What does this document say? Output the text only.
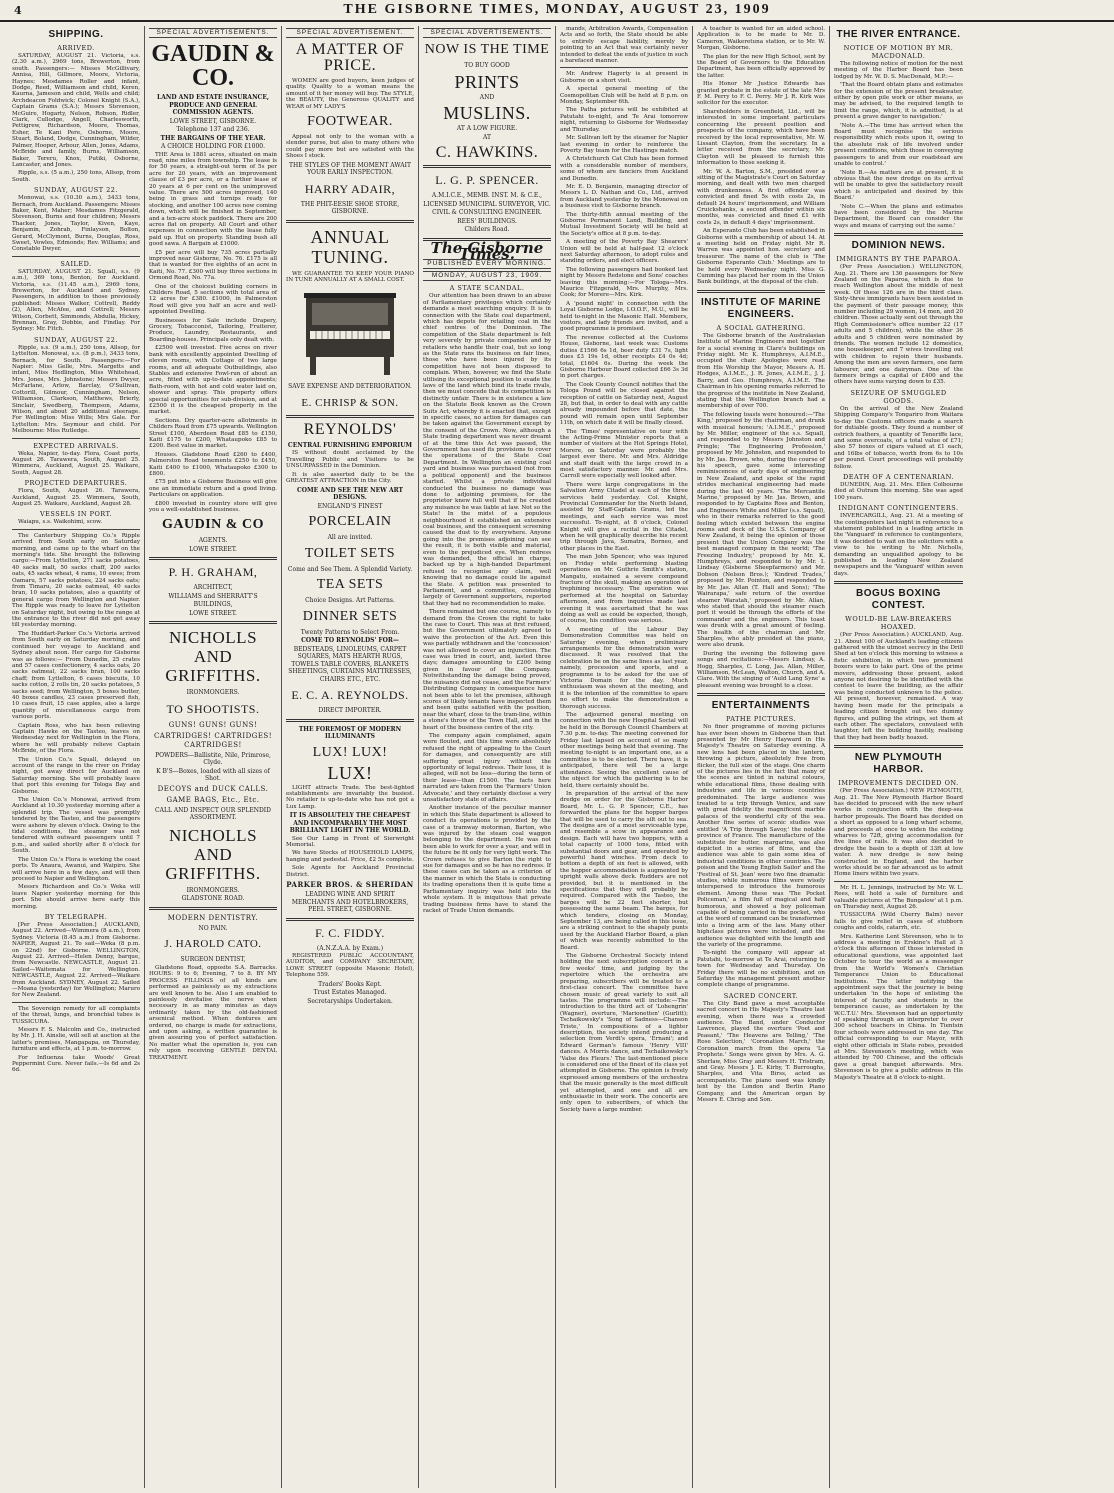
4	THE GISBORNE TIMES, MONDAY, AUGUST 23, 1909
SHIPPING.
ARRIVED.

SATURDAY, AUGUST 21. Victoria, s.s. (2.30 a.m.), 2969 tons, Brewerton, from south. Passengers:— Misses McGillivary, Annisa, Hill, Gillmore, Moore, Victoria, Haynes; Mesdames Roller and infant, Dodge, Reed, Williamson and child, Keren, Kaurna, Jameson and child, Wells and child; Archdeacon Foldwick; Colonel Knight (S.A.), Captain Grams (S.A.); Messrs Stevenson, McGuire, Hogarty, Nelson, Robson, Ridler, Clark, Cullodge, Angell, Charlesworth, Pettigrew, Richardson, Moore, Thomas, Esher, Te Kani Pere, Osborne, Moore, Stuart, Boland, Dodge, Cunningham, Wilder, Palmer, Hooper, Arbour, Allen, Jones, Adams, McBride and family, Burns, Williamson, Baker, Tereru, Knox, Putiki, Osborne, Lancaster, and Jones.

Ripple, s.s. (5 a.m.), 250 tons, Allsop, from South.

SUNDAY, AUGUST 22.

Monowai, s.s. (10.30 a.m.), 3433 tons, Bernach, from Auckland. Passengers: Misses Baker, Kent, Maher; Mesdames Fitzgerald, Stevenson, Burns and four children; Messrs Thacker, Jones, Taylor, Kiven, Kaye, Benjamin, Zohrab, Finlayson, Bolton, Gerard, McClymont, Burns, Douglas, Ross, Sweet, Vowles, Edmonds; Rev. Williams; and Constable Dwyer.

SAILED.

SATURDAY, AUGUST 21. Squall, s.s. (9 a.m.), 369 tons, Benton, for Auckland. Victoria, s.s. (11.45 a.m.), 2969 tons, Brewerton, for Auckland and Sydney. Passengers, in addition to those previously published: Misses Walker, Cottrell, Reddy (2), Allen, McAfee, and Cottrell; Messrs Wilson, Corbett, Simmonds, Abdulla, Hickey, Brennan, Gray, Dobbie, and Findlay. For Sydney: Mr. Fitch.

SUNDAY, AUGUST 22.

Ripple, s.s. (9 a.m.), 250 tons, Allsop, for Lyttelton. Monowai, s.s. (8 p.m.), 3433 tons, Bernach, for South. Passengers:—For Napier: Miss Gelle, Mrs. Margetts and infant, Miss Hedlington, Miss Whitehead, Mrs. Jones, Mrs. Johnstone; Messrs Dwyer, McFarlane, Arlow, Barclay, O'Sullivan, Cottorill, Gilmour, Cunningham, Nelson, Williamson, Clarkson, Matthews, Brierly, Sinclair, Swedberg, Thompson, Adams, Wilson, and about 20 additional steerage. For Wellington: Miss Wills; Mrs Gale. For Lyttelton: Mrs. Seymour and child. For Melbourne: Miss Rutledge.

EXPECTED ARRIVALS.

Weka, Napier, to-day. Flora, Coast ports, August 26. Tarawera, South, August 25. Wimmera, Auckland, August 25. Waikare, South, August 28.

PROJECTED DEPARTURES.

Flora, South, August 26. Tarawera, Auckland, August 25. Wimmera, South, August 25. Waikare, Auckland, August 28.

VESSELS IN PORT.

Waiapu, s.s. Waikohimi, scow.

The Canterbury Shipping Co.'s Ripple arrived from South early on Saturday morning, and came up to the wharf on the morning's tide. She brought the following cargo:—From Lyttelton, 271 sacks potatoes, 40 sacks malt, 50 sacks chaff, 200 sacks oats, 45 sacks wheat, 4 rams, 10 ewes; from Oamaru, 57 sacks potatoes, 224 sacks oats; from Timaru, 20 sacks oatmeal, 40 sacks bran, 10 sacks potatoes, also a quantity of general cargo from Wellington and Napier. The Ripple was ready to leave for Lyttelton on Saturday night, but owing to the range at the entrance to the river did not get away till yesterday morning.

The Huddart-Parker Co.'s Victoria arrived from South early on Saturday morning, and continued her voyage to Auckland and Sydney about noon. Her cargo for Gisborne was as follows:— From Dunedin, 25 crates and 57 cases confectionery, 4 sacks oats, 20 sacks oatmeal, 22 sacks bran, 100 sacks chaff; from Lyttelton, 6 cases biscuits, 10 sacks cotton, 2 rolls tin, 20 sacks potatoes, 5 sacks seed; from Wellington, 5 boxes butter, 40 boxes candles, 23 cases preserved fish, 10 cases fruit, 15 case apples, also a large quantity of miscellaneous cargo from various ports.

Captain Ross, who has been relieving Captain Hawke on the Tasteo, leaves on Wednesday next for Wellington in the Flora, where he will probably relieve Captain McBride, of the Flora.

The Union Co.'s Squall, delayed on account of the range in the river on Friday night, got away direct for Auckland on Saturday morning. She will probably leave that port this evening for Tologa Bay and Gisborne.

The Union Co.'s Monowai, arrived from Auckland at 10.30 yesterday morning after a splendid trip. The vessel was promptly tendered by the Tasteo, and the passengers were ashore by eleven o'clock. Owing to the tidal conditions, the steamer was not tendered with outward passengers until 7 p.m., and sailed shortly after 8 o'clock for South.

The Union Co.'s Flora is working the coast ports. To Anaura, Awanui, and Waipiro. She will arrive here in a few days, and will then proceed to Napier and Wellington.

Messrs Richardson and Co.'s Weka will leave Napier yesterday morning for this port. She should arrive here early this morning.

BY TELEGRAPH.

[Per Press Association.] AUCKLAND, August 22. Arrived—Wimmera (8 a.m.), from Sydney. Victoria (8.45 a.m.) from Gisborne. NAPIER, August 21. To sail—Weka (8 p.m. on 22nd) for Gisborne. WELLINGTON, August 22. Arrived—Helen Denny, barque, from Newcastle. NEWCASTLE, August 21. Sailed—Waitemata for Wellington. NEWCASTLE, August 22. Arrived—Waikare from Auckland. SYDNEY, August 22. Sailed—Moana (yesterday) for Wellington; Maruro for New Zealand.

The Sovereign remedy for all complaints of the throat, lungs, and bronchial tubes is TUSSICURA.

Messrs F. S. Malcolm and Co., instructed by Mr. J. H. Ainslie, will sell at auction at the latter's premises, Mangapapa, on Thursday, furniture and effects, at 1 p.m. to-morrow.

For Influenza take Woods' Great Peppermint Cure. Never fails.—Is 6d and 2s 6d.

SPECIAL ADVERTISEMENTS.
GAUDIN & CO.
LAND AND ESTATE INSURANCE, PRODUCE AND GENERAL COMMISSION AGENTS.
LOWE STREET, GISBORNE.
Telephone 137 and 236.
THE BARGAINS OF THE YEAR.
A CHOICE HOLDING FOR £1000.

THE Area is 1881 acres, situated on main road, nine miles from township. The lease is for 50 years, a straight-out term of 5s per acre for 20 years, with an improvement clause of £3 per acre, or a further lease of 20 years at 6 per cent on the unimproved value. There are 500 acres improved, 140 being in grass and turnips ready for stocking, and another 100 acres now coming down, which will be finished in September, and a ten-acre stock paddock. There are 200 acres flat on property. All Court and other expenses in connection with the lease fully paid up. Hut on property. Standing bush all good sawa. A Bargain at £1000.

£5 per acre will buy 735 acres partially improved near Gisborne, No. 76. £175 is all that is wanted for five eighths of an acre in Kaiti, No. 77. £300 will buy three sections in Ormond Road, No. 77a.

One of the choicest building corners in Childers Road, 5 sections with total area of 12 acres for £380. £1000, in Palmerston Road will give you half an acre and well-appointed Dwelling.

Businesses for Sale include Drapery, Grocery, Tobacconist, Tailoring, Fruiterer, Produce, Laundry, Restaurants, and Boarding-houses. Principals only dealt with.

£2500 well invested. Five acres on river bank with excellently appointed Dwelling of eleven rooms, with Cottage of two large rooms, and all adequate Outbuildings, also Stables and extensive Fowl-run of about an acre, fitted with up-to-date appointments; Bath-room, with hot and cold water laid on, shower and spray. This property offers special opportunities for sub-division, and at £2500 it is the cheapest property in the market.

Sections. Dry quarter-acre allotments in Childers Road from £75 upwards. Wellington Street £100, Aberdeen Road £85 to £150, Kaiti £175 to £200, Whataupoko £85 to £200. Best value in market.

Houses. Gladstone Road £260 to £400, Palmerston Road tenements £250 to £450, Kaiti £400 to £1000, Whataupoko £300 to £800.

£75 put into a Gisborne Business will give one an immediate return and a good living. Particulars on application.

£800 invested in country store will give you a well-established business.

GAUDIN & CO
AGENTS.
LOWE STREET.
P. H. GRAHAM,
ARCHITECT,
WILLIAMS and SHERRATT'S
BUILDINGS,
LOWE STREET.
NICHOLLS AND GRIFFITHS.
IRONMONGERS.
TO SHOOTISTS.
GUNS! GUNS! GUNS!
CARTRIDGES! CARTRIDGES! CARTRIDGES!
POWDERS—Ballistite, Nile, Primrose, Clyde.
K B'S—Boxes, loaded with all sizes of Shot.
DECOYS and DUCK CALLS.
GAME BAGS, Etc., Etc.
CALL AND INSPECT OUR SPLENDID ASSORTMENT.
NICHOLLS AND GRIFFITHS.
IRONMONGERS.
GLADSTONE ROAD.
MODERN DENTISTRY.
NO PAIN.
J. HAROLD CATO.
SURGEON DENTIST,

Gladstone Road, opposite S.A. Barracks. HOURS: 9 to 6; Evening, 7 to 8. BY MY PROCESS FILLINGS of all kinds are performed as painlessly as my extractions are well known to be. Also I am enabled to painlessly devitalise the nerve when necessary in as many minutes as days ordinarily taken by the old-fashioned arsenical method. When dentures are ordered, no charge is made for extractions, and upon asking, a written guarantee is given assuring you of perfect satisfaction. No matter what the operation is, you can rely upon receiving GENTLE DENTAL TREATMENT.

SPECIAL ADVERTISEMENT.
A MATTER OF PRICE.

WOMEN are good buyers, keen judges of quality. Quality to a woman means the amount of it her money will buy. The STYLE, the BEAUTY, the Generous QUALITY and WEAR of MY LADY'S

FOOTWEAR.

Appeal not only to the woman with a slender purse, but also to many others who could pay more but are satisfied with the Shoes I stock.

THE STYLES OF THE MOMENT AWAIT YOUR EARLY INSPECTION.
HARRY ADAIR,
THE PHIT-EESIE SHOE STORE, GISBORNE.
ANNUAL TUNING.

WE GUARANTEE TO KEEP YOUR PIANO IN TUNE ANNUALLY AT A SMALL COST.

SAVE EXPENSE AND DETERIORATION.
E. CHRISP & SON.
REYNOLDS'
CENTRAL FURNISHING EMPORIUM

IS without doubt acclaimed by the Travelling Public and Visitors to be UNSURPASSED in the Dominion.

It is also asserted daily to be the GREATEST ATTRACTION in the City.

COME AND SEE THE NEW ART DESIGNS.
ENGLAND'S FINEST
PORCELAIN
All are invited.
TOILET SETS
Come and See Them. A Splendid Variety.
TEA SETS
Choice Designs. Art Patterns.
DINNER SETS
Twenty Patterns to Select From.
COME TO REYNOLDS' FOR—
BEDSTEADS, LINOLEUMS, CARPET SQUARES, MATS HEARTH RUGS, TOWELS TABLE COVERS, BLANKETS SHEETINGS, CURTAINS MATTRESSES, CHAIRS ETC., ETC.
E. C. A. REYNOLDS.
DIRECT IMPORTER.
THE FOREMOST OF MODERN ILLUMINANTS
LUX! LUX!
LUX!

LIGHT attracts Trade. The best-lighted establishments are invariably the busiest. No retailer is up-to-date who has not got a Lux Lamp.

IT IS ABSOLUTELY THE CHEAPEST AND INCOMPARABLY THE MOST BRILLIANT LIGHT IN THE WORLD.

See Our Lamp in Front of Sierwright Memorial.

We have Stocks of HOUSEHOLD LAMPS, hanging and pedestal. Price, £2 5s complete.

Sole Agents for Auckland Provincial District.

PARKER BROS. & SHERIDAN
LEADING WINE AND SPIRIT MERCHANTS AND HOTELBROKERS, PEEL STREET, GISBORNE.
F. C. FIDDY.
(A.N.Z.A.A. by Exam.)

REGISTERED PUBLIC ACCOUNTANT, AUDITOR, and COMPANY SECRETARY, LOWE STREET (opposite Masonic Hotel), Telephone 559.

Traders' Books Kept.
Trust Estates Managed.
Secretaryships Undertaken.
SPECIAL ADVERTISEMENTS.
NOW IS THE TIME
TO BUY GOOD
PRINTS
AND
MUSLINS.
AT A LOW FIGURE.
AT
C. HAWKINS.
L. G. P. SPENCER.
A.M.I.C.E., MEMB. INST. M. & C.E.,
LICENSED MUNICIPAL SURVEYOR, VIC.
CIVIL & CONSULTING ENGINEER.
REES' BUILDINGS.
Childers Road.
The Gisborne Times.
PUBLISHED EVERY MORNING.
MONDAY, AUGUST 23, 1909.
A STATE SCANDAL.

Our attention has been drawn to an abuse of Parliamentary privileges which certainly demands a most searching enquiry. It is in connection with the State coal department, which has depots for retailing coal in the chief centres of the Dominion. The competition of the State department is felt very severely by private companies and by retailers who handle their coal, but so long as the State runs its business on fair lines, those who have been injured by its competition have not been disposed to complain. When, however, we find the State utilising its exceptional position to evade the laws of the land which bind its trade rivals, then we must concede that its competition is distinctly unfair. There is in existence a law on the Statute Book known as the Crown Suits Act, whereby it is enacted that, except in specific cases, no action for damages can be taken against the Government except by the consent of the Crown. Now, although a State trading department was never dreamt of at the time this Act was passed, the Government has used its provisions to cover the operations of the State Coal Department. In Wellington an existing coal yard and business was purchased (not from a political opponent) and the business started. Whilst a private individual conducted the business no damage was done to adjoining premises, for the proprietor knew full well that if he created any nuisance he was liable at law. Not so the State! In the midst of a populous neighbourhood it established an extensive coal business, and the consequent screening caused the dust to fly everywhere. Anyone going into the premises adjoining can see the result, it is both visible and material, even to the prejudiced eye. When redress was demanded, the official in charge, backed up by a high-handed Department refused to recognise any claim, well knowing that no damage could lie against the State. A petition was presented to Parliament, and a committee, consisting largely of Government supporters, reported that they had no recommendation to make.

There remained but one course, namely to demand from the Crown the right to take the case to Court. This was at first refused, but the Government ultimately agreed to waive the protection of the Act. Even this was partially withdrawn and the 'concession' was not allowed to cover an injunction. The case was tried in court, and, lasted three days; damages amounting to £200 being given in favour of the Company. Notwithstanding the damage being proved, the nuisance did not cease, and the Farmers' Distributing Company in consequence have not been able to let the premises, although scores of likely tenants have inspected them and been quite satisfied with the position, near the wharf, close to the tram-line, within a stone's throw of the Town Hall, and in the heart of the business centre of the city.

The company again complained, again were flouted, and this time were absolutely refused the right of appealing to the Court for damages, and consequently are still suffering great injury without the opportunity of legal redress. Their loss, it is alleged, will not be less—during the term of their lease—than £1500. The facts here narrated are taken from the 'Farmers' Union Advocate,' and they certainly disclose a very unsatisfactory state of affairs.

Another instance of the peculiar manner in which this State department is allowed to conduct its operations is provided by the case of a tramway motorman, Barton, who was injured by the steam coal waggon belonging to the department. He was not been able to work for over a year, and will in the future be fit only for very light work. The Crown refuses to give Barton the right to sue for damages and so he has no redress. If these cases can be taken as a criterion of the manner in which the State is conducting its trading operations then it is quite time a Parliamentary inquiry was held into the whole system. It is iniquitous that private trading business firms have to stand the racket of Trade Union demands.

mands, Arbitration Awards, Compensation Acts and so forth, the State should be able to entirely escape liability, merely by pointing to an Act that was certainly never intended to defeat the ends of justice in such a barefaced manner.

Mr. Andrew Hagerty is at present in Gisborne on a short visit.

A special general meeting of the Cosmopolitan Club will be held at 8 p.m. on Monday, September 6th.

The Patha pictures will be exhibited at Patutahi to-night, and Te Arai tomorrow night, returning to Gisborne for Wednesday and Thursday.

Mr. Sullivan left by the steamer for Napier last evening in order to reinforce the Poverty Bay team for the Hastings match.

A Christchurch Cat Club has been formed with a considerable number of members, some of whom are fanciers from Auckland and Dunedin.

Mr. E. D. Benjamin, managing director of Messrs L. D. Nathan and Co., Ltd., arrived from Auckland yesterday by the Monowai on a business visit to Gisborne branch.

The thirty-fifth annual meeting of the Gisborne Permanent Land, Building, and Mutual Investment Society will be held at the Society's office at 8 p.m. to-day.

A meeting of the Poverty Bay Shearers' Union will be held at half-past 12 o'clock next Saturday afternoon, to adopt rules and standing orders, and elect officers.

The following passengers had booked last night by Messrs Redstone and Sons' coaches leaving this morning:—For Tologa—Mrs. Maurice Fitzgerald, Mrs. Murphy, Mrs. Cook; for Morere—Mrs. Kirk.

A 'pound night' in connection with the Loyal Gisborne Lodge, I.O.O.F., M.U., will be held to-night in the Masonic Hall. Members, visitors, and lady friends are invited, and a good programme is promised.

The revenue collected at the Customs House, Gisborne, last week was: Customs duties £1566 6s 1d, beer duty £31 7s, light dues £3 19s 1d, other receipts £4 0s 4d; total, £1604 6s. During the week the Gisborne Harbour Board collected £66 3s 3d in port charges.

The Cook County Council notifies that the Tologa Pound will be closed against the reception of cattle on Saturday next, August 28, but that, in order to deal with any cattle already impounded before that date, the pound will remain open until September 11th, on which date it will be finally closed.

The 'Times' representative on tour with the Acting-Prime Minister reports that a number of visitors at the Hot Springs Hotel, Morere, on Saturday were probably the largest ever there. Mr. and Mrs. Aldridge and staff dealt with the large crowd in a most satisfactory manner. Mr. and Mrs. Carroll were especially well looked after.

There were large congregations in the Salvation Army Citadel at each of the three services held yesterday. Col. Knight, Provincial Commander for the North Island, assisted by Staff-Captain Grams, led the meetings, and each service was most successful. To-night, at 8 o'clock, Colonel Knight will give a recital in the Citadel, when he will graphically describe his recent trip through Java, Sumatra, Borneo, and other places in the East.

The man John Spencer, who was injured on Friday while performing blasting operations on Mr. Guthrie Smith's station, Mangatu, sustained a severe compound fracture of the skull, making an operation of trephining necessary. The operation was performed at the hospital on Saturday afternoon, and from inquiries made last evening it was ascertained that he was doing as well as could be expected, though, of course, his condition was serious.

A meeting of the Labour Day Demonstration Committee was held on Saturday evening, when preliminary arrangements for the demonstration were discussed. It was resolved that the celebration be on the same lines as last year, namely, procession and sports, and a programme is to be asked for the use of Victoria Domain for the day. Much enthusiasm was shown at the meeting, and it is the intention of the committee to spare no effort to make the demonstration a thorough success.

The adjourned general meeting on connection with the new Hospital Social will be held in the Borough Council Chambers at 7.30 p.m. to-day. The meeting convened for Friday last lapsed on account of so many other meetings being held that evening. The meeting to-night is an important one, as a committee is to be elected. There have, it is anticipated, there will be a large attendance. Seeing the excellent cause of the object for which the gathering is to be held, there certainly should be.

In preparation of the arrival of the new dredge on order for the Gisborne Harbor Board, Mr. L. G. P. Spencer, C.E., has forwarded the plans for the hopper barges that will be used to carry the silt out to sea. The designs are of a most serviceable type, and resemble a scow in appearance and design. Each will have two hoppers, with a total capacity of 1000 tons, fitted with substantial doors and gear, and operated by powerful hand winches. From deck to bottom a depth of six feet is allowed, with the hopper accommodation is augmented by upright walls above deck. Rudders are not provided, but it is mentioned in the specifications that they will probably be required. Compared with the Tasteo, the barges will be 22 feet shorter, but possessing the same beam. The barges, for which tenders, closing on Monday, September 13, are being called in this issue, are a striking contrast to the shapely punts used by the Auckland Harbor Board, a plan of which was recently submitted to the Board.

The Gisborne Orchestral Society intend holding the next subscription concert in a few weeks' time, and judging by the repertoire which the orchestra are preparing, subscribers will be treated to a first-class concert. The committee have chosen music of great variety to suit all tastes. The programme will include:—The introduction to the third act of 'Lohengrin' (Wagner), overture, 'Marionetten' (Gurlitt); Tschaikowsky's 'Song of Sadness—Chanson Triste,' In compositions of a lighter description, the society intend producing a selection from Verdi's opera, 'Ernani'; and Edward German's famous 'Henry VIII' dances. A Morris dance, and Tschaikowsky's 'Valse des Fleurs.' The last-mentioned piece is considered one of the finest of its class yet attempted in Gisborne. The opinion is freely expressed among members of the orchestra that the music generally is the most difficult yet attempted, and one and all are enthusiastic in their work. The concerts are only open to subscribers, of which the Society have a large number.

A teacher is wanted for an aided school. Application is to be made to Mr. D. Cameron, Waikeretuna station, or to Mr. W. Morgan, Gisborne.

The plan for the new High School, sent by the Board of Governors to the Education Department, has been officially approved by the latter.

His Honor Mr Justice Edwards has granted probate in the estate of the late Mrs F. M. Perry to F. C. Perry. Mr J. R. Kirk was solicitor for the executor.

Shareholders in Greenfield, Ltd., will be interested in some important particulars concerning the present position and prospects of the company, which have been received by the local representative, Mr. W. Lissant Clayton, from the secretary. In a letter received from the secretary, Mr. Clayton will be pleased to furnish this information to those seeking it.

Mr. W. A. Barton, S.M., presided over a sitting of the Magistrate's Court on Saturday morning, and dealt with two men charged with drunkenness. A first offender was convicted and fined 5s with costs 2s, in default 24 hours' imprisonment, and William Cruickshanks, a second offender within six months, was convicted and fined £1 with costs 2s, in default 4 days' imprisonment.

An Esperanto Club has been established in Gisborne with a membership of about 14. At a meeting held on Friday night Mr R. Warren was appointed hon. secretary and treasurer. The name of the club is 'The Gisborne Esperanto Club.' Meetings are to be held every Wednesday night. Miss G. Cumming has placed her room in the Union Bank buildings, at the disposal of the club.

INSTITUTE OF MARINE ENGINEERS.
A SOCIAL GATHERING.

The Gisborne branch of the Australasian Institute of Marine Engineers met together for a social evening in Clare's buildings on Friday night. Mr. K. Humphreys, A.I.M.E., occupied the chair. Apologies were read from His Worship the Mayor, Messrs A. H. Hodges, A.I.M.E., J. R. Jones, A.I.M.E., J. J. Barry, and Geo. Humphreys, A.I.M.E. The Chairman in his opening remarks referred to the progress of the institute in New Zealand, stating that the Wellington branch had a membership of over 700.

The following toasts were honoured:—'The King,' proposed by the chairman, and drunk with musical honours; 'A.I.M.E.,' proposed by Mr. Miller, engineer of the s.s. Squall, and responded to by Messrs Johnston and Pringle; 'The Engineering Profession,' proposed by Mr. Johnston, and responded to by Mr. Jas. Brown, who, during the course of his speech, gave some interesting reminiscences of early days of engineering in New Zealand, and spoke of the rapid strides mechanical engineering had made during the last 40 years. 'The Mercantile Marine,' proposed by Mr. Jas. Brown, and responded to by Captains Ross and Benton, and Engineers White and Miller (s.s. Squall), who in their remarks referred to the good feeling which existed between the engine rooms and deck of the U.S.S. Company of New Zealand, it being the opinion of those present that the Union Company was the best managed company in the world; 'The Freezing Industry,' proposed by Mr. K. Humphreys, and responded to by Mr. I. Lindsay (Gisborne Sheepfarmers) and Mr. Dobson (Nelson Bros.); 'Kindred Trades,' proposed by Mr. Pointon, and responded to by Mr. Jas. Allan (T. Hall and Sons); 'The Wairarapa,' safe return of the overdue steamer Waratah,' proposed by Mr. Allan, who stated that should the steamer reach port it would be through the efforts of the commander and the engineers. This toast was drunk with a great amount of feeling. The health of the chairman and Mr. Sharples, who ably presided at the piano, were also drunk.

During the evening the following gave songs and recitations:—Messrs Lindsay, A. Hogg, Sharples, C. Long, Jas. Allan, Miller, Williamson, McLean, Walton, Church, and A. Clare. With the singing of 'Auld Lang Syne' a pleasant evening was brought to a close.

ENTERTAINMENTS
PATHE PICTURES.

No finer programme of moving pictures has ever been shown in Gisborne than that presented by Mr Henry Hayward in His Majesty's Theatre on Saturday evening. A new lens had been placed in the lantern, throwing a picture, absolutely free from flicker, the full size of the stage. One charm of the pictures lies in the fact that many of the scenes are tinted in natural colours, while educational films, those dealing with industries and life in various countries predominated. The large audience was treated to a trip through Venice, and saw with great fidelity the magnificent marble palaces of the wonderful city of the sea. Another fine series of scenic studies was entitled 'A Trip through Savoy,' the notable province of France. The manufacture of the substitute for butter, margarine, was also depicted in a series of films, and the audience was able to gain some idea of industrial conditions in other countries. The poison and the Young English Sailor' and the 'Festival of St. Jean' were two fine dramatic studies, while numerous films were wisely interspersed to introduce the humorous element. Among these was 'The Pocket Policeman,' a film full of magical and half humorous, and showed a boy policeman capable of being carried in the pocket, who at the word of command can be transformed into a living arm of the law. Many other highclass pictures were included, and the audience was delighted with the length and the variety of the programme.

To-night the company will appear at Patutahi, to-morrow at Te Arai, returning to town for Wednesday and Thursday. On Friday there will be no exhibition, and on Saturday the management present another complete change of programme.

SACRED CONCERT.

The City Band gave a most acceptable sacred concert in His Majesty's Theatre last evening, when there was a crowded audience. The Band, under Conductor Lawrence, played the overture 'Poet and Peasant,' 'The Heavens are Telling,' 'The Rose Selection,' 'Coronation March,' the Coronation march from the opera 'La Prophete.' Songs were given by Mrs. A. G. Sherlaw, Miss Gray and Messrs H. Tristram, and Gray. Messrs J. E. Kirby, T. Burroughs, Sharples, and Vita Birss, acted as accompanists. The piano used was kindly lent by the London and Berlin Piano Company, and the American organ by Messrs E. Chrisp and Son.

THE RIVER ENTRANCE.
NOTICE OF MOTION BY MR. MACDONALD.

The following notice of motion for the next meeting of the Harbor Board has been lodged by Mr. W. D. S. MacDonald, M.P.:—

'That the Board obtain plans and estimates for the extension of the present breakwater, either by open pile work or other means, as may be advised, to the required length to limit the range, which, it is admitted, is at present a grave danger to navigation.'

'Note A.—The time has arrived when the Board must recognise the serious responsibility which rests upon it, owing to the absolute risk of life involved under present conditions, which those in conveying passengers to and from our roadstead are unable to control.'

'Note B.—As matters are at present, it is obvious that the new dredge on its arrival will be unable to give the satisfactory result which is anticipated and desired by this Board.'

'Note C.—When the plans and estimates have been considered by the Marine Department, the Board can consider the ways and means of carrying out the same.'

DOMINION NEWS.
IMMIGRANTS BY THE PAPAROA.

(Per Press Association.) WELLINGTON, Aug. 21. There are 136 passengers for New Zealand on the Paparoa, which is due to reach Wellington about the middle of next week. Of these 126 are in the third class. Sixty-three immigrants have been assisted in the payment of their passage money, this number including 29 women, 14 men, and 20 children. Those actually sent out through the High Commissioner's office number 22 (17 adults and 5 children), while the other 36 adults and 5 children were nominated by friends. The women include 12 domestics, one housekeeper, and 7 wives travelling out with children to rejoin their husbands. Among the men are seven farmers, one farm labourer, and one dairyman. One of the farmers brings a capital of £400 and the others have sums varying down to £35.

SEIZURE OF SMUGGLED GOODS.

On the arrival of the New Zealand Shipping Company's Tongariro from Waitara to-day the Customs officers made a search for dutiable goods. They found a number of ostrich feathers, a quantity of Teneriffe lace, and some overcoats, of a total value of £71; also 57 boxes of cigars valued at £1 each, and 16lbs of tobacco, worth from 6s to 10s per pound. Court proceedings will probably follow.

DEATH OF A CENTENARIAN.

DUNEDIN, Aug. 21. Mrs. Ellen Colbourne died at Outram this morning. She was aged 100 years.

INDIGNANT CONTINGENTERS.

INVERCARGILL, Aug. 21. At a meeting of the contingenters last night in reference to a statement published in a leading article in the 'Vanguard' in reference to contingenters, it was decided to wait on the solicitors with a view to his writing to Mr. Nicholls, demanding an unqualified apology to be published in leading New Zealand newspapers and the 'Vanguard' within seven days.

BOGUS BOXING CONTEST.
WOULD-BE LAW-BREAKERS HOAXED.

(Per Press Association.) AUCKLAND, Aug. 21. About 100 of Auckland's leading citizens gathered with the utmost secrecy in the Drill Shed at ten o'clock this morning to witness a fistic exhibition, in which two prominent boxers were to take part. One of the prime movers, addressing those present, asked anyone not desiring to be identified with the contest to leave the building, as the affair was being conducted unknown to the police. All present, however, remained. A way having been made for the principals a leading citizen brought out two dummy figures, and pulling the strings, set them at each other. The spectators, convulsed with laughter, left the building hastily, realising that they had been badly hoaxed.

NEW PLYMOUTH HARBOR.
IMPROVEMENTS DECIDED ON.

(Per Press Association.) NEW PLYMOUTH, Aug. 21. The New Plymouth Harbor Board has decided to proceed with the new wharf works in conjunction with the deep-sea harbor proposals. The Board has decided on a short as opposed to a long wharf scheme, and proceeds at once to widen the existing wharves to 72ft, giving accommodation for five lines of rails. It was also decided to dredge the basin to a depth of 33ft at low water. A new dredge is now being constructed in England, and the harbor works should be so far advanced as to admit Home liners within two years.

Mr. H. L. Jennings, instructed by Mr. W. L. Rees, will hold a sale of furniture and valuable pictures at 'The Bungalow' at 1 p.m. on Thursday next, August 26.

TUSSICURA (Wild Cherry Balm) never fails to give relief in cases of stubborn coughs and colds, catarrh, etc.

Mrs. Katherine Lent Stevenson, who is to address a meeting in Erskine's Hall at 3 o'clock this afternoon of those interested in educational questions, was appointed last October to tour the world as a messenger from the World's Women's Christian Temperance Union to Educational Institutions. The letter notifying the appointment says that the journey is being undertaken 'in the hope of enlisting the interest of faculty and students in the temperance cause, as undertaken by the W.C.T.U.' Mrs. Stevenson had an opportunity of speaking through an interpreter to over 300 school teachers in China. In Tientsin four schools were addressed in one day. The official corresponding to our Mayor, with eight other officials in State robes, presided at Mrs. Stevenson's meeting, which was attended by 700 Chinese, and the officials gave a great banquet afterwards. Mrs. Stevenson is to give a public address in His Majesty's Theatre at 8 o'clock to-night.
